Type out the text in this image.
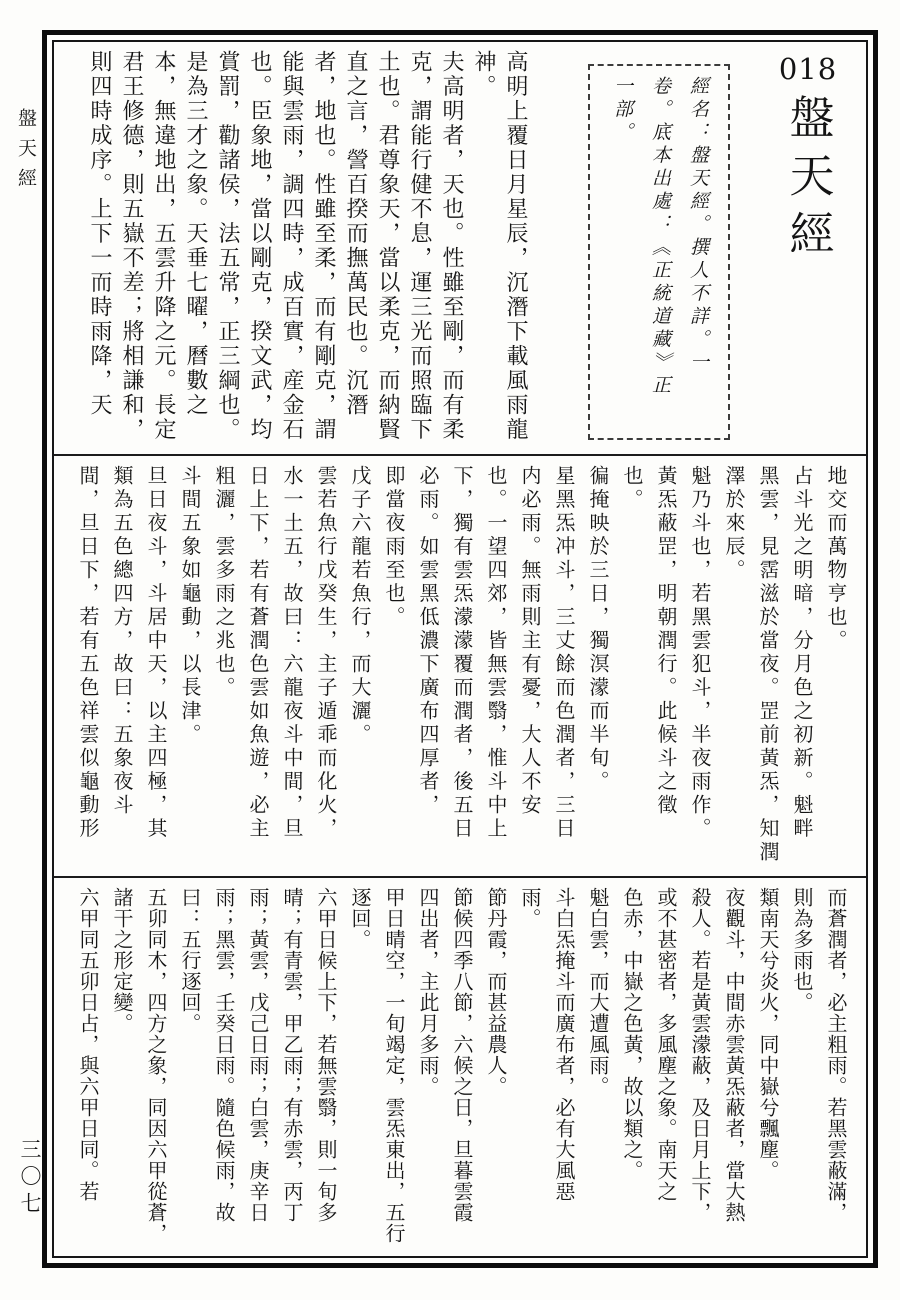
盤天經
三〇七
018
盤天經
經名：盤天經。撰人不詳。一
卷。底本出處：《正統道藏》正
一部。
高明上覆日月星辰，沉潛下載風雨龍
神。
夫高明者，天也。性雖至剛，而有柔
克，謂能行健不息，運三光而照臨下
土也。君尊象天，當以柔克，而納賢
直之言，謍百揆而撫萬民也。沉潛
者，地也。性雖至柔，而有剛克，謂
能與雲雨，調四時，成百實，産金石
也。臣象地，當以剛克，揆文武，均
賞罰，勸諸侯，法五常，正三綱也。
是為三才之象。天垂七曜，曆數之
本，無違地出，五雲升降之元。長定
君王修德，則五嶽不差；將相謙和，
則四時成序。上下一而時雨降，天
地交而萬物亨也。
占斗光之明暗，分月色之初新。魁畔
黑雲，見霑滋於當夜。罡前黃炁，知潤
澤於來辰。
魁乃斗也，若黑雲犯斗，半夜雨作。
黃炁蔽罡，明朝潤行。此候斗之徵
也。
徧掩映於三日，獨溟濛而半旬。
星黑炁冲斗，三丈餘而色潤者，三日
内必雨。無雨則主有憂，大人不安
也。一望四郊，皆無雲翳，惟斗中上
下，獨有雲炁濛濛覆而潤者，後五日
必雨。如雲黑低濃下廣布四厚者，
即當夜雨至也。
戊子六龍若魚行，而大灑。
雲若魚行戊癸生，主子遁乖而化火，
水一土五，故曰：六龍夜斗中間，旦
日上下，若有蒼潤色雲如魚遊，必主
粗灑，雲多雨之兆也。
斗間五象如龜動，以長津。
旦日夜斗，斗居中天，以主四極，其
類為五色總四方，故曰：五象夜斗
間，旦日下，若有五色祥雲似龜動形
而蒼潤者，必主粗雨。若黑雲蔽滿，
則為多雨也。
類南天兮炎火，同中嶽兮飄塵。
夜觀斗，中間赤雲黃炁蔽者，當大熱
殺人。若是黃雲濛蔽，及日月上下，
或不甚密者，多風塵之象。南天之
色赤，中嶽之色黃，故以類之。
魁白雲，而大遭風雨。
斗白炁掩斗而廣布者，必有大風惡
雨。
節丹霞，而甚益農人。
節候四季八節，六候之日，旦暮雲霞
四出者，主此月多雨。
甲日晴空，一旬竭定，雲炁東出，五行
逐回。
六甲日候上下，若無雲翳，則一旬多
晴；有青雲，甲乙雨；有赤雲，丙丁
雨；黃雲，戊己日雨；白雲，庚辛日
雨；黑雲，壬癸日雨。隨色候雨，故
曰：五行逐回。
五卯同木，四方之象，同因六甲從蒼，
諸干之形定變。
六甲同五卯日占，與六甲日同。若
